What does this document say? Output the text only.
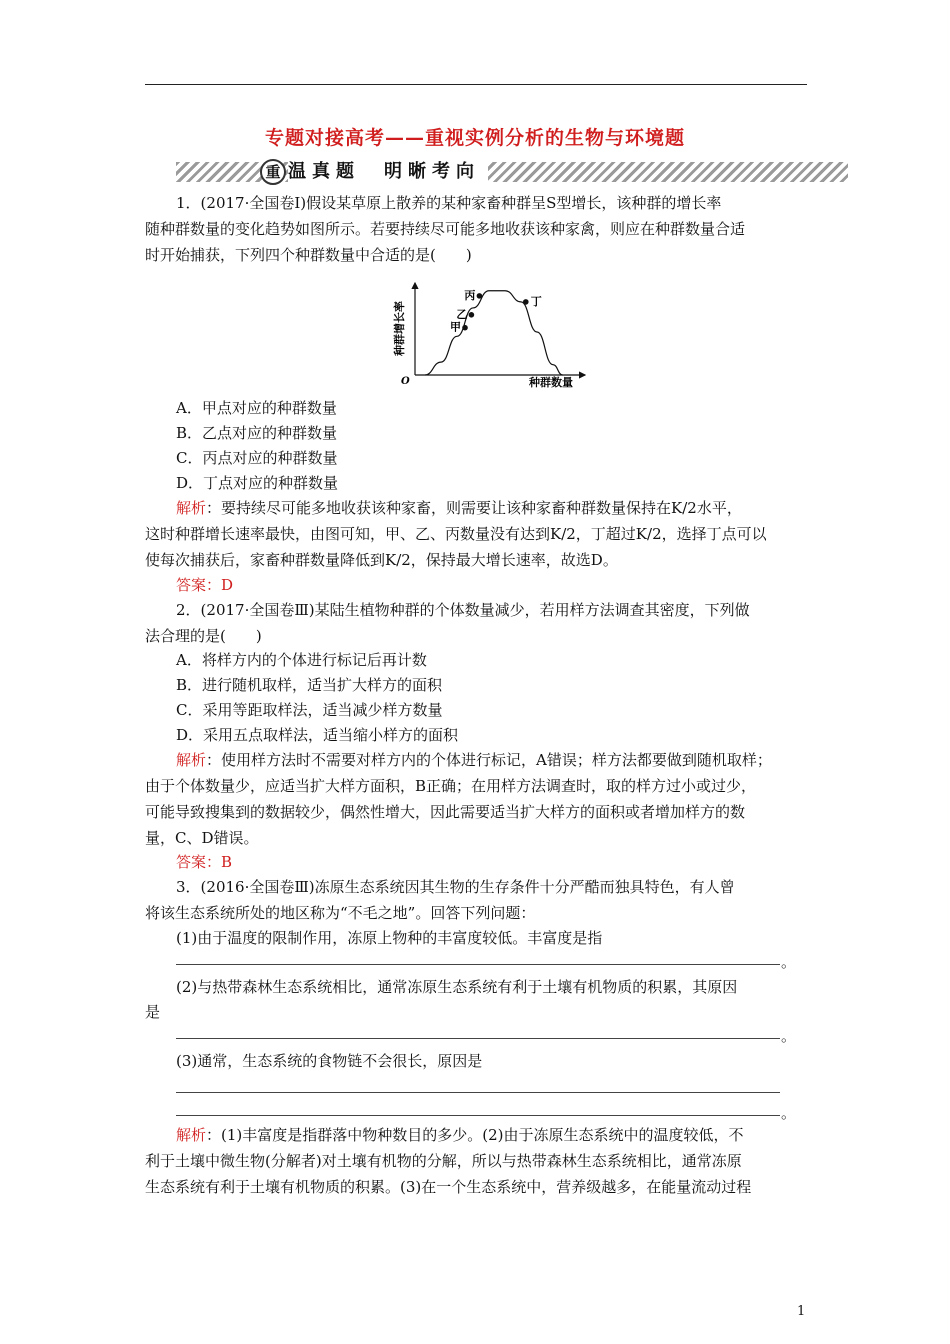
专题对接高考——重视实例分析的生物与环境题
重 温真题　明晰考向
1．(2017·全国卷Ⅰ)假设某草原上散养的某种家畜种群呈S型增长，该种群的增长率
随种群数量的变化趋势如图所示。若要持续尽可能多地收获该种家禽，则应在种群数量合适
时开始捕获，下列四个种群数量中合适的是(　　)
甲
乙
丙	丁
O	种群数量
种群增长率
A．甲点对应的种群数量
B．乙点对应的种群数量
C．丙点对应的种群数量
D．丁点对应的种群数量
解析：要持续尽可能多地收获该种家畜，则需要让该种家畜种群数量保持在K/2水平，
这时种群增长速率最快，由图可知，甲、乙、丙数量没有达到K/2，丁超过K/2，选择丁点可以
使每次捕获后，家畜种群数量降低到K/2，保持最大增长速率，故选D。
答案：D
2．(2017·全国卷Ⅲ)某陆生植物种群的个体数量减少，若用样方法调查其密度，下列做
法合理的是(　　)
A．将样方内的个体进行标记后再计数
B．进行随机取样，适当扩大样方的面积
C．采用等距取样法，适当减少样方数量
D．采用五点取样法，适当缩小样方的面积
解析：使用样方法时不需要对样方内的个体进行标记，A错误；样方法都要做到随机取样；
由于个体数量少，应适当扩大样方面积，B正确；在用样方法调查时，取的样方过小或过少，
可能导致搜集到的数据较少，偶然性增大，因此需要适当扩大样方的面积或者增加样方的数
量，C、D错误。
答案：B
3．(2016·全国卷Ⅲ)冻原生态系统因其生物的生存条件十分严酷而独具特色，有人曾
将该生态系统所处的地区称为“不毛之地”。回答下列问题：
(1)由于温度的限制作用，冻原上物种的丰富度较低。丰富度是指
。
(2)与热带森林生态系统相比，通常冻原生态系统有利于土壤有机物质的积累，其原因
是
。
(3)通常，生态系统的食物链不会很长，原因是
。
解析：(1)丰富度是指群落中物种数目的多少。(2)由于冻原生态系统中的温度较低，不
利于土壤中微生物(分解者)对土壤有机物的分解，所以与热带森林生态系统相比，通常冻原
生态系统有利于土壤有机物质的积累。(3)在一个生态系统中，营养级越多，在能量流动过程
1
